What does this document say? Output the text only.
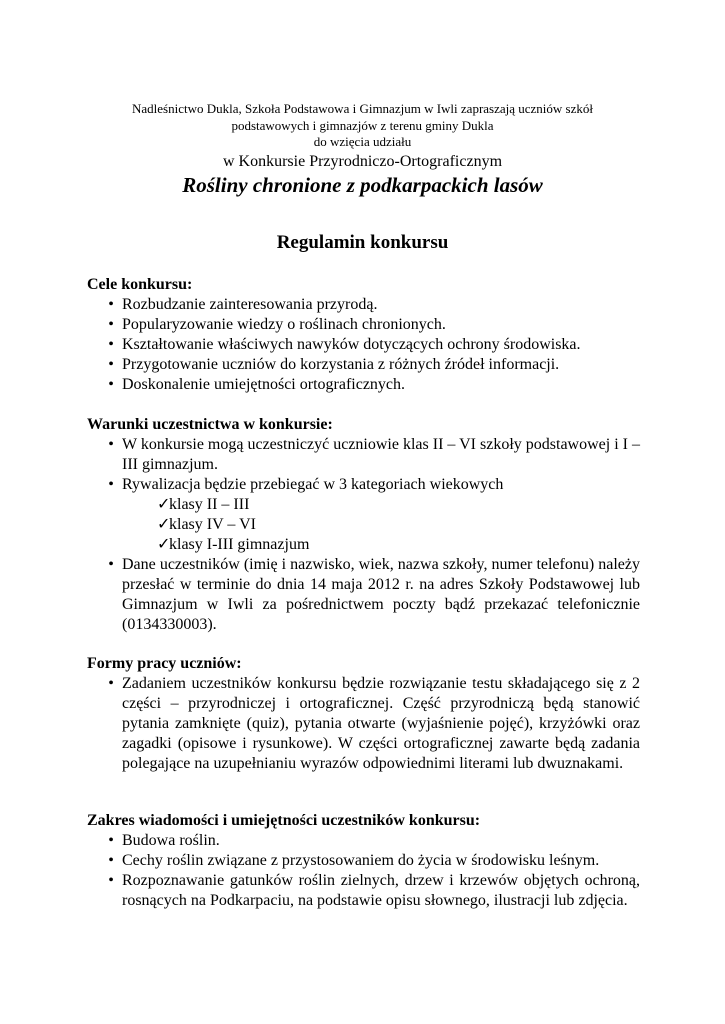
Nadleśnictwo Dukla, Szkoła Podstawowa i Gimnazjum w Iwli zapraszają uczniów szkół
podstawowych i gimnazjów z terenu gminy Dukla
do wzięcia udziału
w Konkursie Przyrodniczo-Ortograficznym
Rośliny chronione z podkarpackich lasów
Regulamin konkursu
Cele konkursu:
• Rozbudzanie zainteresowania przyrodą.
• Popularyzowanie wiedzy o roślinach chronionych.
• Kształtowanie właściwych nawyków dotyczących ochrony środowiska.
• Przygotowanie uczniów do korzystania z różnych źródeł informacji.
• Doskonalenie umiejętności ortograficznych.
Warunki uczestnictwa w konkursie:
• W konkursie mogą uczestniczyć uczniowie klas II – VI szkoły podstawowej i I – III gimnazjum.
• Rywalizacja będzie przebiegać w 3 kategoriach wiekowych
✓
klasy II – III
✓
klasy IV – VI
✓
klasy I-III gimnazjum
• Dane uczestników (imię i nazwisko, wiek, nazwa szkoły, numer telefonu) należy przesłać w terminie do dnia 14 maja 2012 r. na adres Szkoły Podstawowej lub Gimnazjum w Iwli za pośrednictwem poczty bądź przekazać telefonicznie (0134330003).
Formy pracy uczniów:
• Zadaniem uczestników konkursu będzie rozwiązanie testu składającego się z 2 części – przyrodniczej i ortograficznej. Część przyrodniczą będą stanowić pytania zamknięte (quiz), pytania otwarte (wyjaśnienie pojęć), krzyżówki oraz zagadki (opisowe i rysunkowe). W części ortograficznej zawarte będą zadania polegające na uzupełnianiu wyrazów odpowiednimi literami lub dwuznakami.
Zakres wiadomości i umiejętności uczestników konkursu:
• Budowa roślin.
• Cechy roślin związane z przystosowaniem do życia w środowisku leśnym.
• Rozpoznawanie gatunków roślin zielnych, drzew i krzewów objętych ochroną, rosnących na Podkarpaciu, na podstawie opisu słownego, ilustracji lub zdjęcia.
